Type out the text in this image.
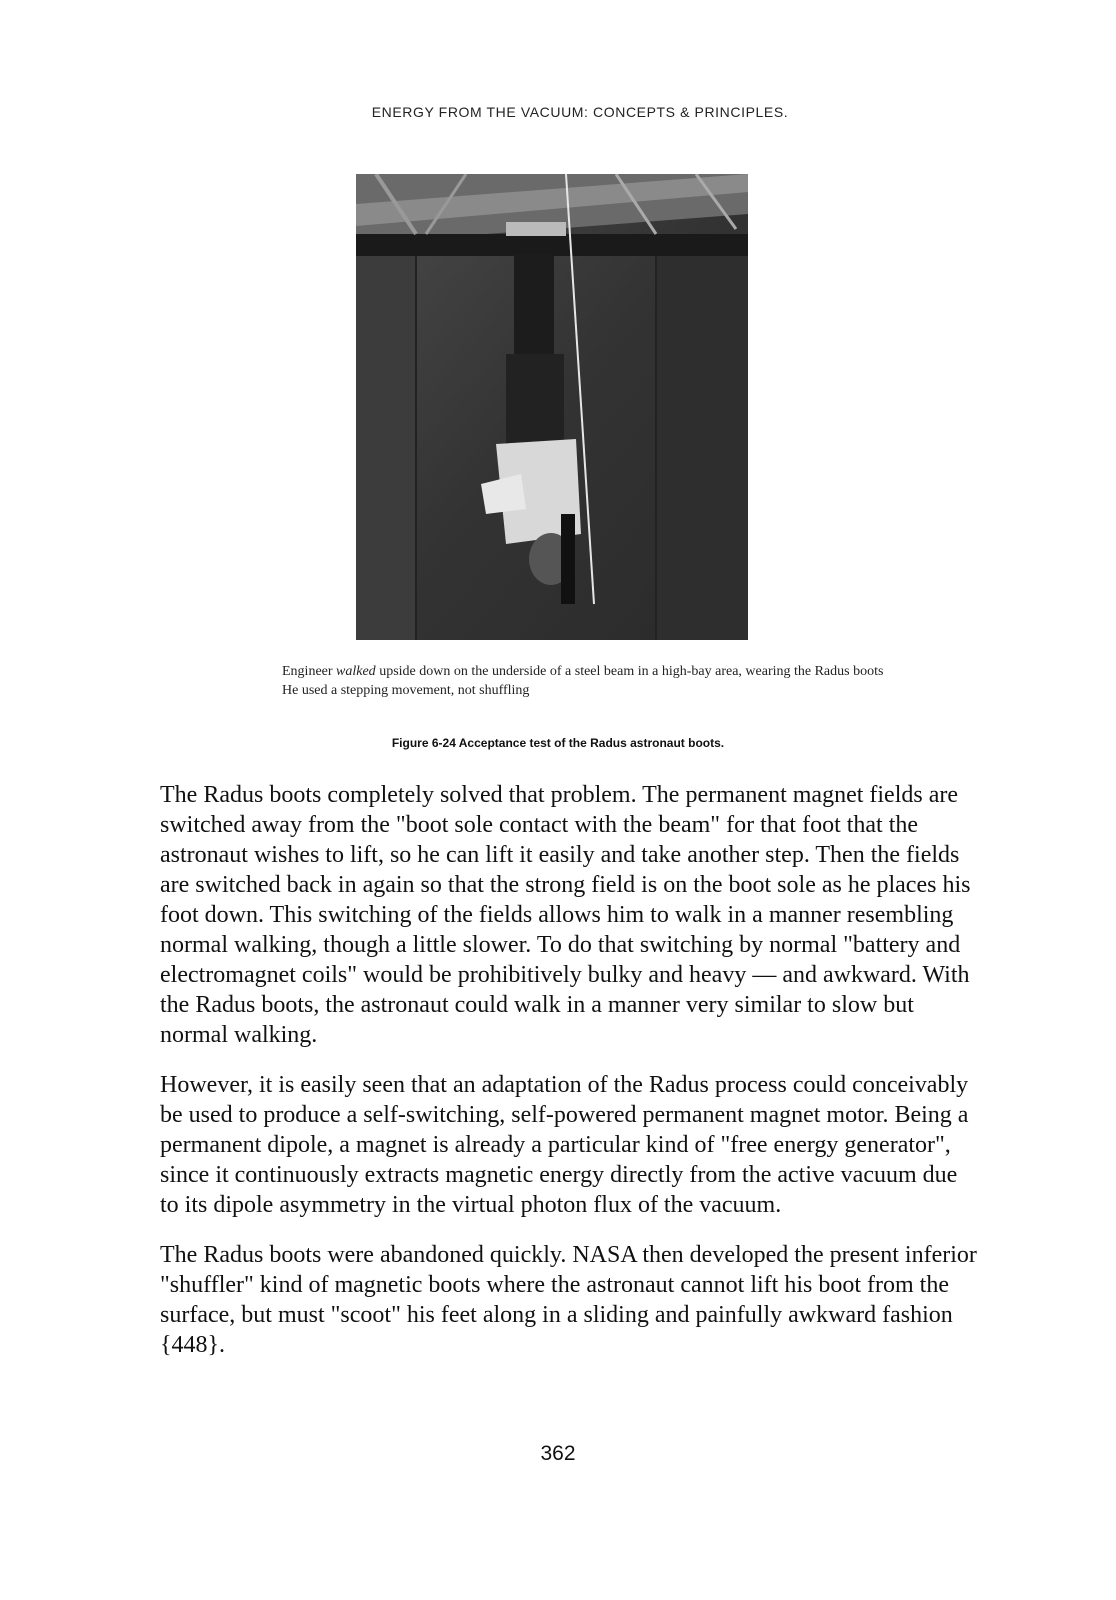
ENERGY FROM THE VACUUM: CONCEPTS & PRINCIPLES.
Engineer walked upside down on the underside of a steel beam in a high-bay area, wearing the Radus boots He used a stepping movement, not shuffling
Figure 6-24 Acceptance test of the Radus astronaut boots.

The Radus boots completely solved that problem. The permanent magnet fields are switched away from the "boot sole contact with the beam" for that foot that the astronaut wishes to lift, so he can lift it easily and take another step. Then the fields are switched back in again so that the strong field is on the boot sole as he places his foot down. This switching of the fields allows him to walk in a manner resembling normal walking, though a little slower. To do that switching by normal "battery and electromagnet coils" would be prohibitively bulky and heavy — and awkward. With the Radus boots, the astronaut could walk in a manner very similar to slow but normal walking.

However, it is easily seen that an adaptation of the Radus process could conceivably be used to produce a self-switching, self-powered permanent magnet motor. Being a permanent dipole, a magnet is already a particular kind of "free energy generator", since it continuously extracts magnetic energy directly from the active vacuum due to its dipole asymmetry in the virtual photon flux of the vacuum.

The Radus boots were abandoned quickly. NASA then developed the present inferior "shuffler" kind of magnetic boots where the astronaut cannot lift his boot from the surface, but must "scoot" his feet along in a sliding and painfully awkward fashion {448}.

362
